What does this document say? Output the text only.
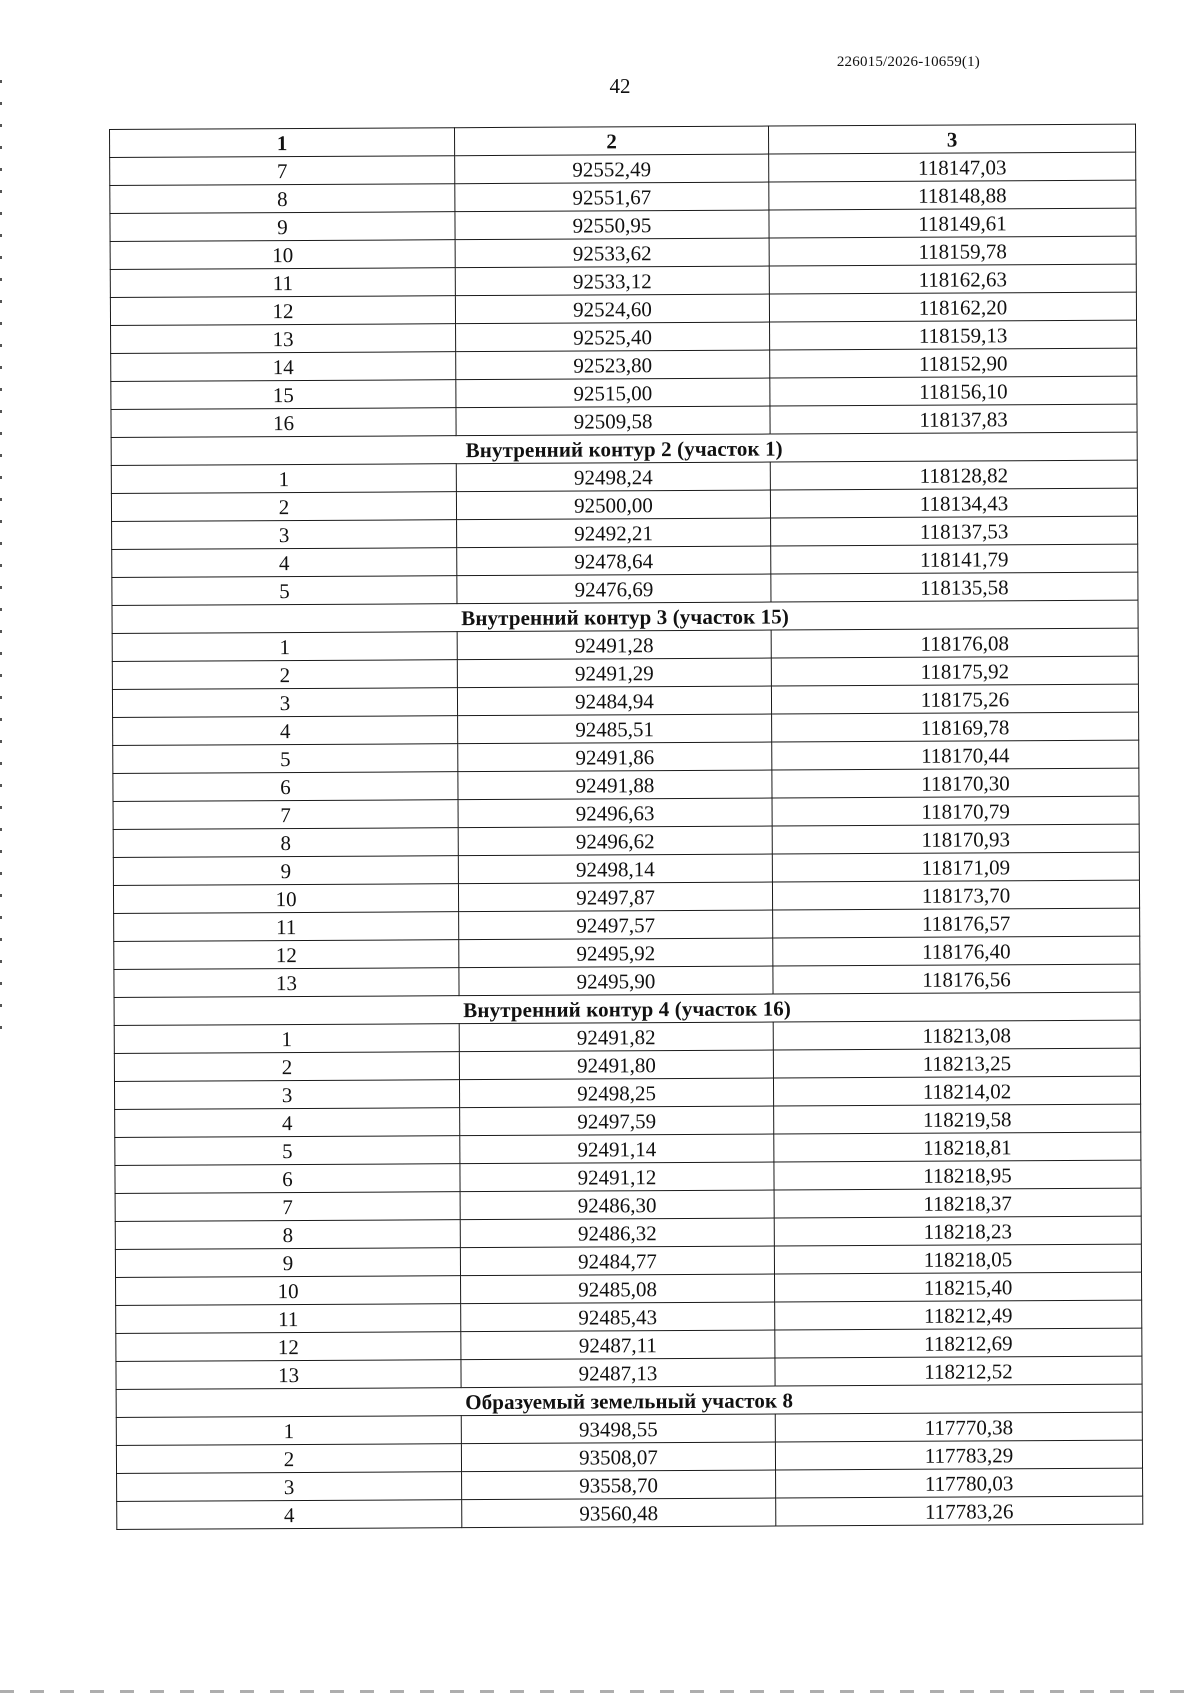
226015/2026-10659(1)
42
1	2	3
7	92552,49	118147,03
8	92551,67	118148,88
9	92550,95	118149,61
10	92533,62	118159,78
11	92533,12	118162,63
12	92524,60	118162,20
13	92525,40	118159,13
14	92523,80	118152,90
15	92515,00	118156,10
16	92509,58	118137,83
Внутренний контур 2 (участок 1)		
1	92498,24	118128,82
2	92500,00	118134,43
3	92492,21	118137,53
4	92478,64	118141,79
5	92476,69	118135,58
Внутренний контур 3 (участок 15)		
1	92491,28	118176,08
2	92491,29	118175,92
3	92484,94	118175,26
4	92485,51	118169,78
5	92491,86	118170,44
6	92491,88	118170,30
7	92496,63	118170,79
8	92496,62	118170,93
9	92498,14	118171,09
10	92497,87	118173,70
11	92497,57	118176,57
12	92495,92	118176,40
13	92495,90	118176,56
Внутренний контур 4 (участок 16)		
1	92491,82	118213,08
2	92491,80	118213,25
3	92498,25	118214,02
4	92497,59	118219,58
5	92491,14	118218,81
6	92491,12	118218,95
7	92486,30	118218,37
8	92486,32	118218,23
9	92484,77	118218,05
10	92485,08	118215,40
11	92485,43	118212,49
12	92487,11	118212,69
13	92487,13	118212,52
Образуемый земельный участок 8		
1	93498,55	117770,38
2	93508,07	117783,29
3	93558,70	117780,03
4	93560,48	117783,26
